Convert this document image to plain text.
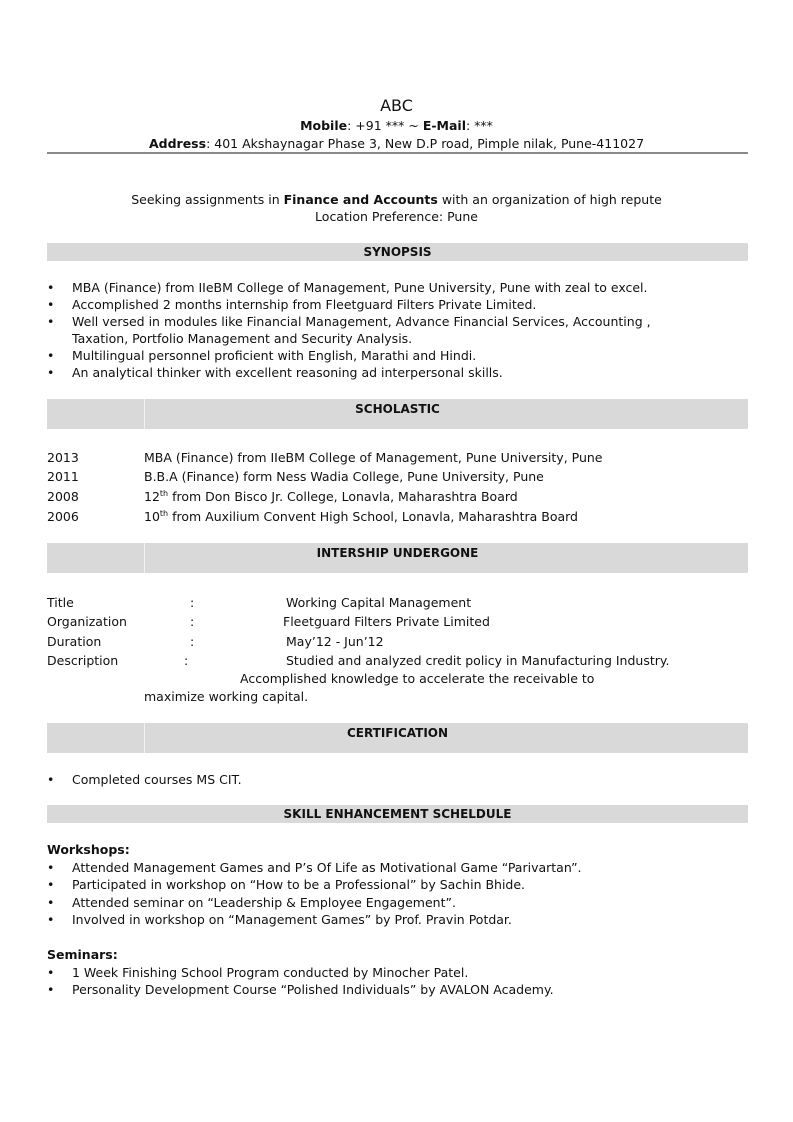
ABC
Mobile: +91 *** ~ E-Mail: ***
Address: 401 Akshaynagar Phase 3, New D.P road, Pimple nilak, Pune-411027
Seeking assignments in Finance and Accounts with an organization of high repute
Location Preference: Pune
SYNOPSIS
• MBA (Finance) from IIeBM College of Management, Pune University, Pune with zeal to excel.
• Accomplished 2 months internship from Fleetguard Filters Private Limited.
• Well versed in modules like Financial Management, Advance Financial Services, Accounting ,
Taxation, Portfolio Management and Security Analysis.
• Multilingual personnel proficient with English, Marathi and Hindi.
• An analytical thinker with excellent reasoning ad interpersonal skills.
SCHOLASTIC
2013	MBA (Finance) from IIeBM College of Management, Pune University, Pune
2011	B.B.A (Finance) form Ness Wadia College, Pune University, Pune
2008	12th from Don Bisco Jr. College, Lonavla, Maharashtra Board
2006	10th from Auxilium Convent High School, Lonavla, Maharashtra Board
INTERSHIP UNDERGONE
Title	:	Working Capital Management
Organization	:	Fleetguard Filters Private Limited
Duration	:	May’12 - Jun’12
Description	:	Studied and analyzed credit policy in Manufacturing Industry.
Accomplished knowledge to accelerate the receivable to
maximize working capital.
CERTIFICATION
• Completed courses MS CIT.
SKILL ENHANCEMENT SCHELDULE
Workshops:
• Attended Management Games and P’s Of Life as Motivational Game “Parivartan”.
• Participated in workshop on “How to be a Professional” by Sachin Bhide.
• Attended seminar on “Leadership & Employee Engagement”.
• Involved in workshop on “Management Games” by Prof. Pravin Potdar.
Seminars:
• 1 Week Finishing School Program conducted by Minocher Patel.
• Personality Development Course “Polished Individuals” by AVALON Academy.
